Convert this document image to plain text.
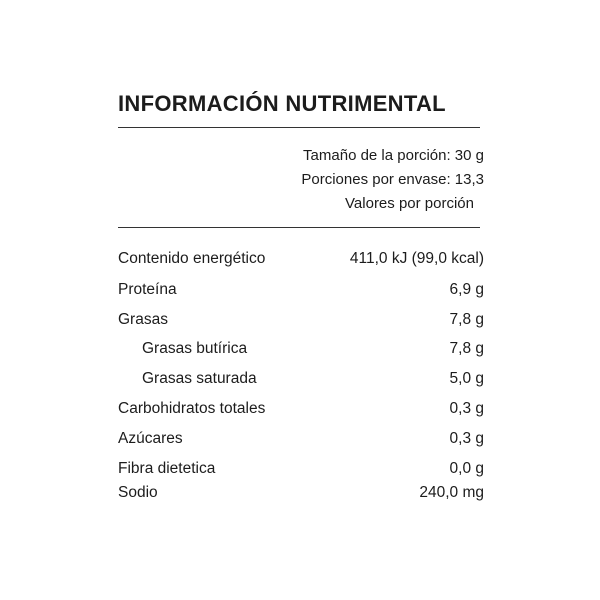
INFORMACIÓN NUTRIMENTAL
Tamaño de la porción: 30 g
Porciones por envase: 13,3
Valores por porción
Contenido energético	411,0 kJ (99,0 kcal)
Proteína	6,9 g
Grasas	7,8 g
Grasas butírica	7,8 g
Grasas saturada	5,0 g
Carbohidratos totales	0,3 g
Azúcares	0,3 g
Fibra dietetica	0,0 g
Sodio	240,0 mg
